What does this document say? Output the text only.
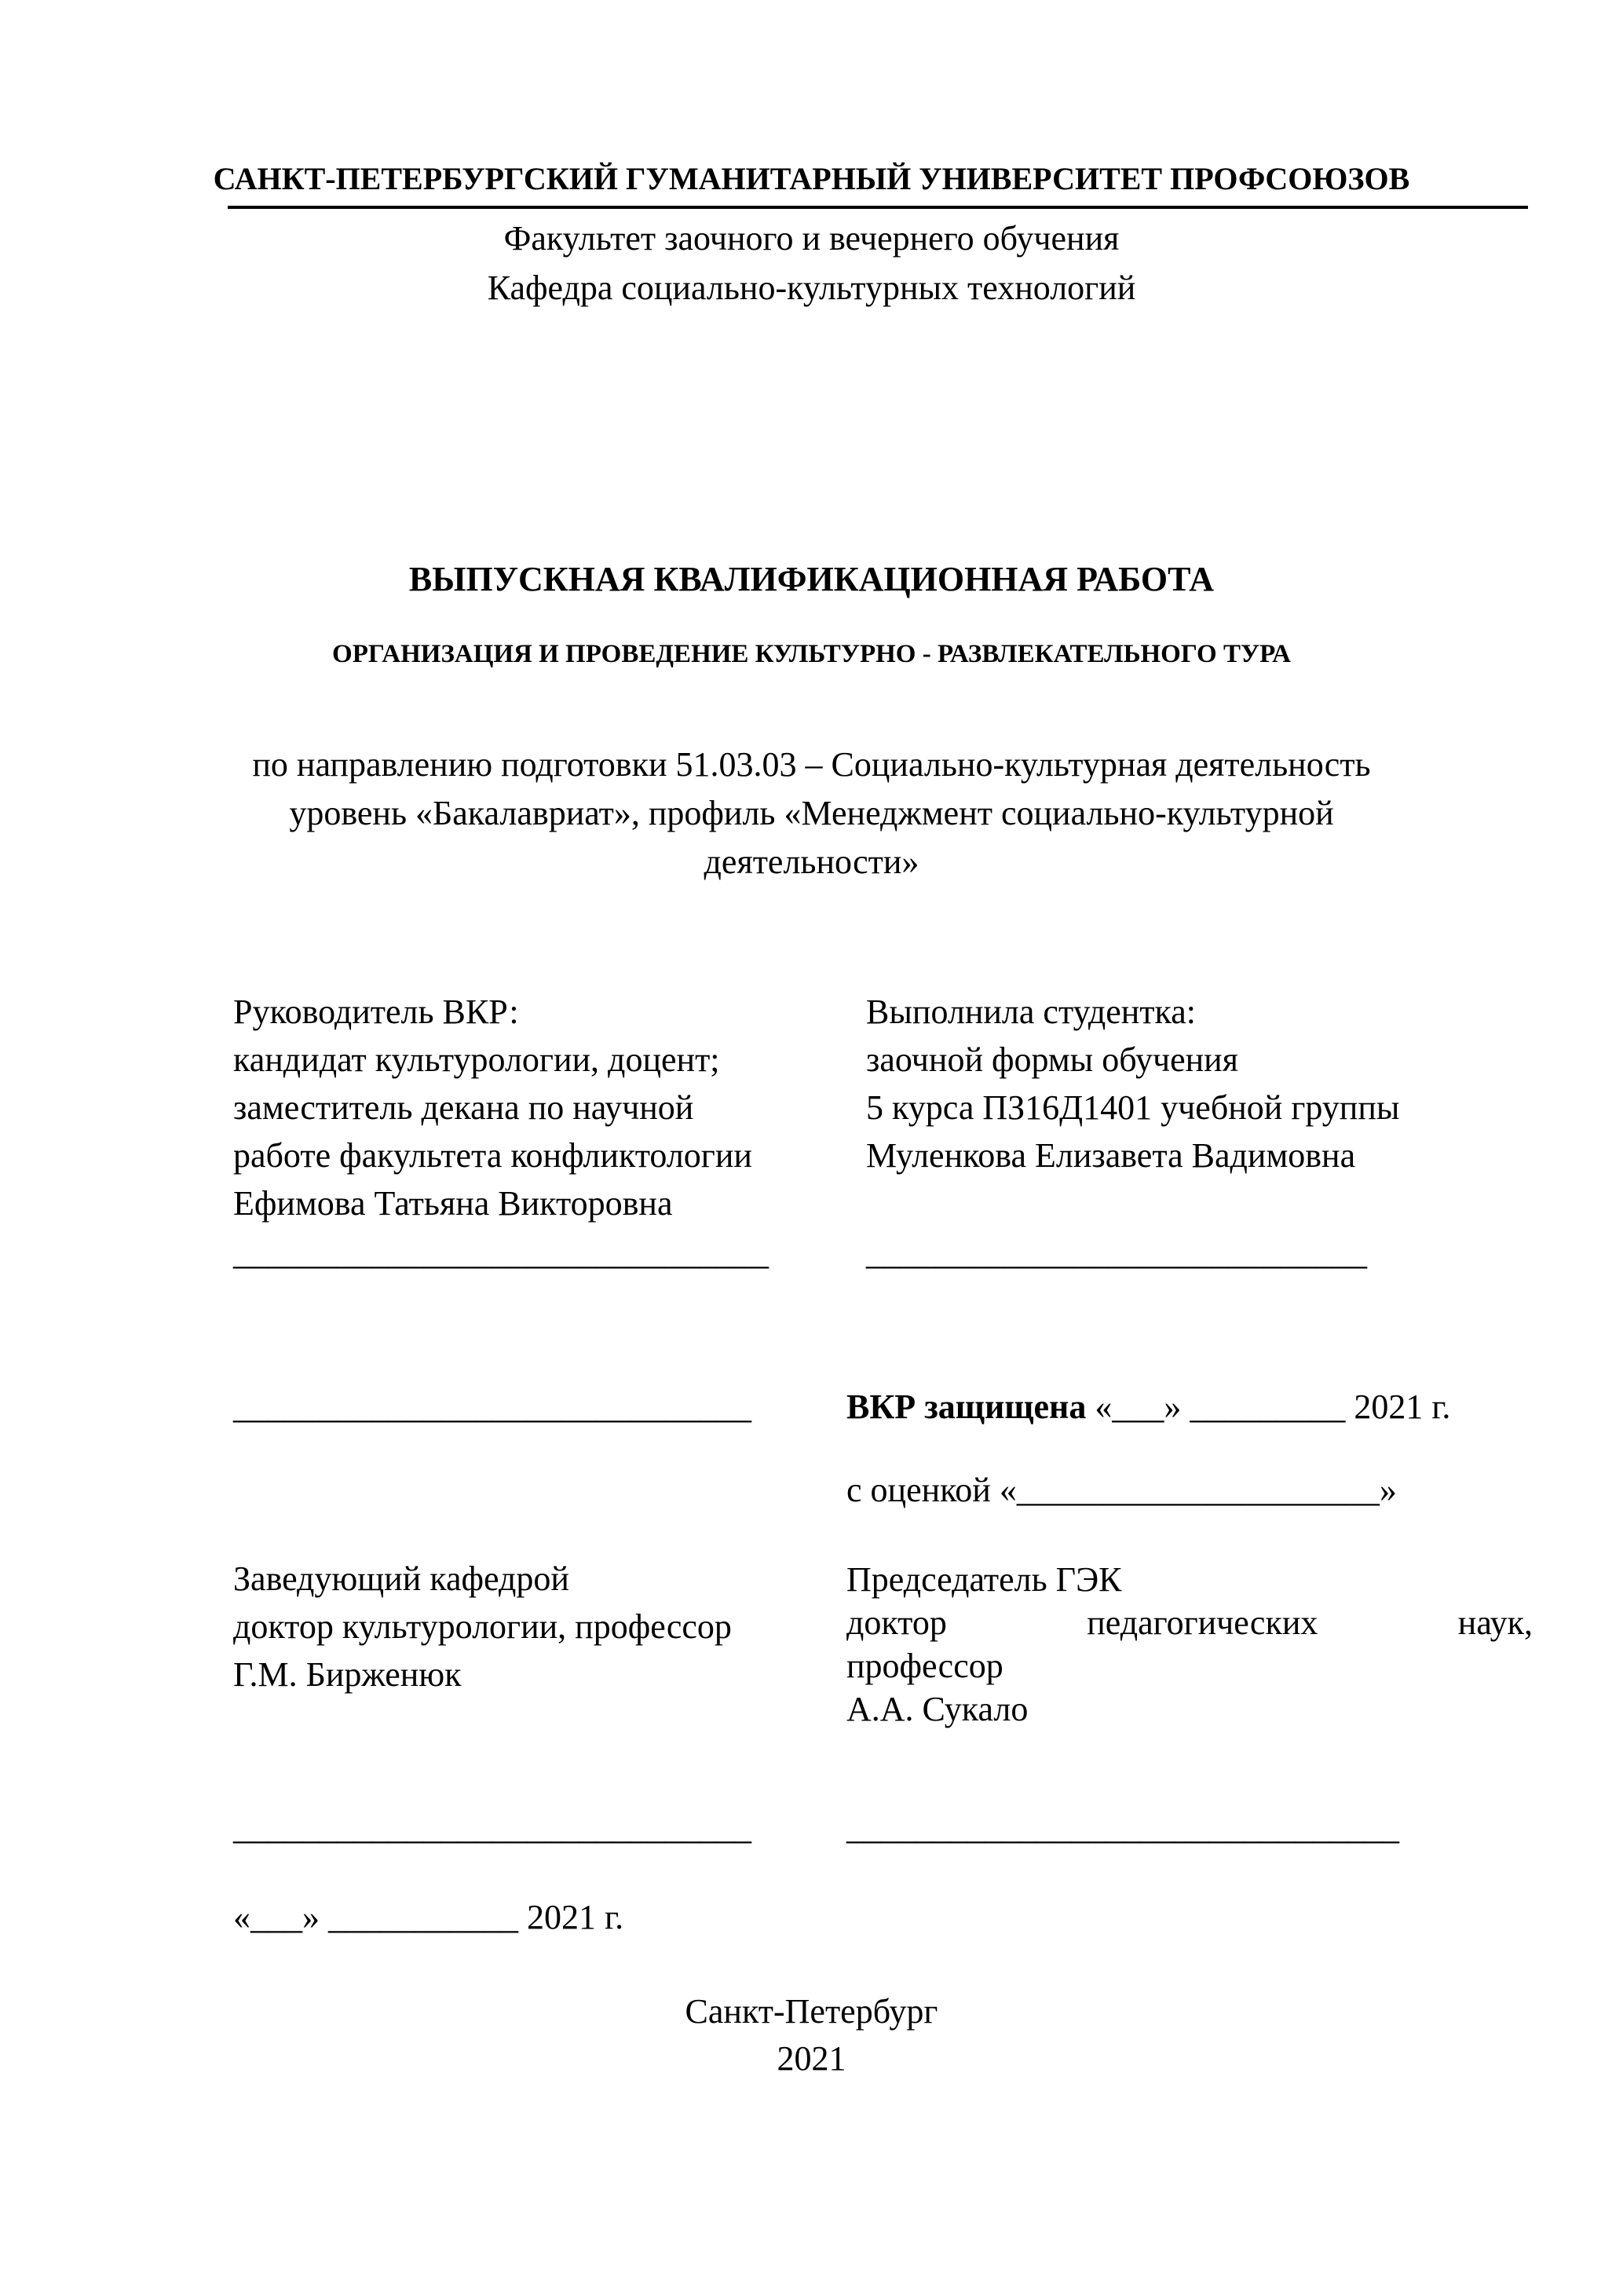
САНКТ-ПЕТЕРБУРГСКИЙ ГУМАНИТАРНЫЙ УНИВЕРСИТЕТ ПРОФСОЮЗОВ
Факультет заочного и вечернего обучения
Кафедра социально-культурных технологий
ВЫПУСКНАЯ КВАЛИФИКАЦИОННАЯ РАБОТА
ОРГАНИЗАЦИЯ И ПРОВЕДЕНИЕ КУЛЬТУРНО - РАЗВЛЕКАТЕЛЬНОГО ТУРА
по направлению подготовки 51.03.03 – Социально-культурная деятельность
уровень «Бакалавриат», профиль «Менеджмент социально-культурной
деятельности»
Руководитель ВКР:
кандидат культурологии, доцент;
заместитель декана по научной
работе факультета конфликтологии
Ефимова Татьяна Викторовна
_______________________________
Выполнила студентка:
заочной формы обучения
5 курса ПЗ16Д1401 учебной группы
Муленкова Елизавета Вадимовна
_____________________________
______________________________	ВКР защищена «___» _________ 2021 г.
с оценкой «_____________________»
Заведующий кафедрой
доктор культурологии, профессор
Г.М. Бирженюк
______________________________
«___» ___________ 2021 г.
Председатель ГЭК
доктор	педагогических	наук,
профессор
А.А. Сукало
________________________________
Санкт-Петербург
2021
